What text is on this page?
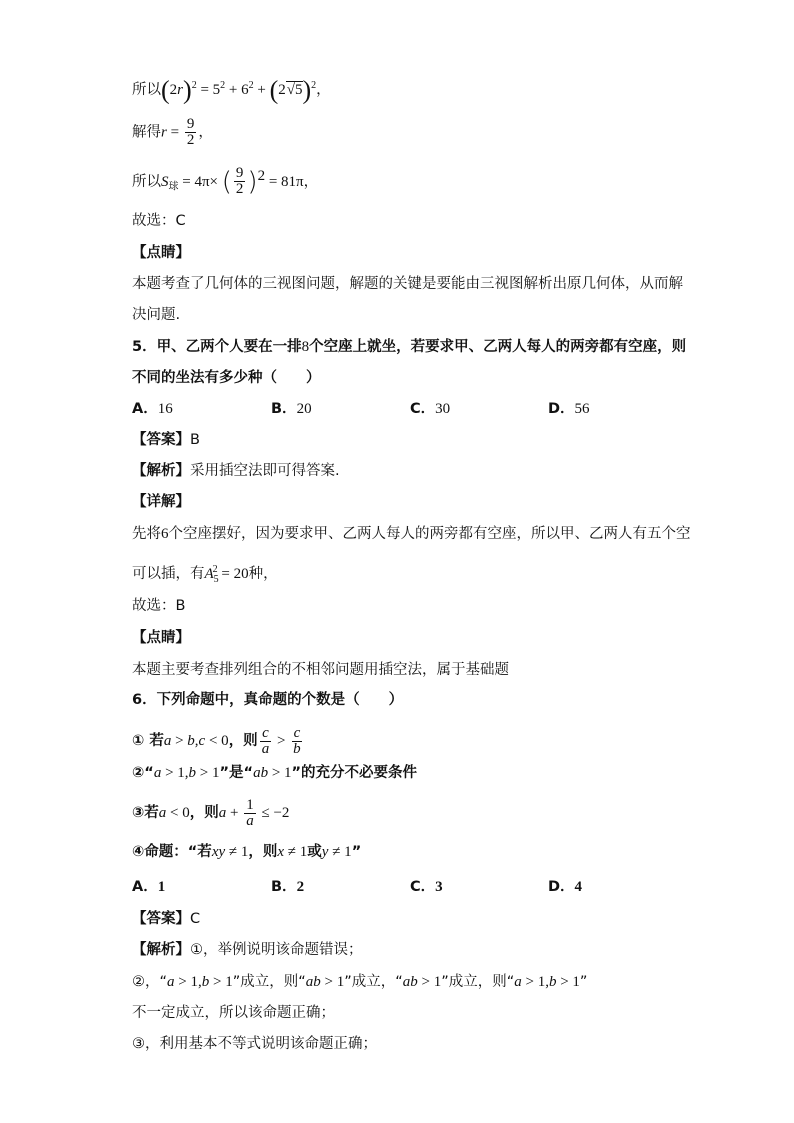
所以$(2r)^2 = 5^2 + 6^2 + (2√5)^2$，
解得$r = \frac{9}{2}$ ，
所以$S_球 = 4\pi\times$ ( $\frac{9}{2} )^2 = 81\pi$，
故选：C
【点睛】
本题考查了几何体的三视图问题，解题的关键是要能由三视图解析出原几何体，从而解
决问题.
5．甲、乙两个人要在一排8个空座上就坐，若要求甲、乙两人每人的两旁都有空座，则
不同的坐法有多少种（　　）
A．16	B．20	C．30	D．56
【答案】B
【解析】采用插空法即可得答案.
【详解】
先将6个空座摆好，因为要求甲、乙两人每人的两旁都有空座，所以甲、乙两人有五个空
可以插，有$A_5^2 = 20$种，
故选：B
【点睛】
本题主要考查排列组合的不相邻问题用插空法，属于基础题
6．下列命题中，真命题的个数是（　　）
① 若a > b,c < 0，则 $\frac{c}{a} > \frac{c}{b}$
②“a > 1,b > 1”是“ab > 1”的充分不必要条件
③若a < 0，则$a + \frac{1}{a} \le -2$
④命题：“若xy ≠ 1，则x ≠ 1或y ≠ 1”
A．1	B．2	C．3	D．4
【答案】C
【解析】①，举例说明该命题错误；
②，“a > 1,b > 1”成立，则“ab > 1”成立，“ab > 1”成立，则“a > 1,b > 1”
不一定成立，所以该命题正确；
③，利用基本不等式说明该命题正确；
